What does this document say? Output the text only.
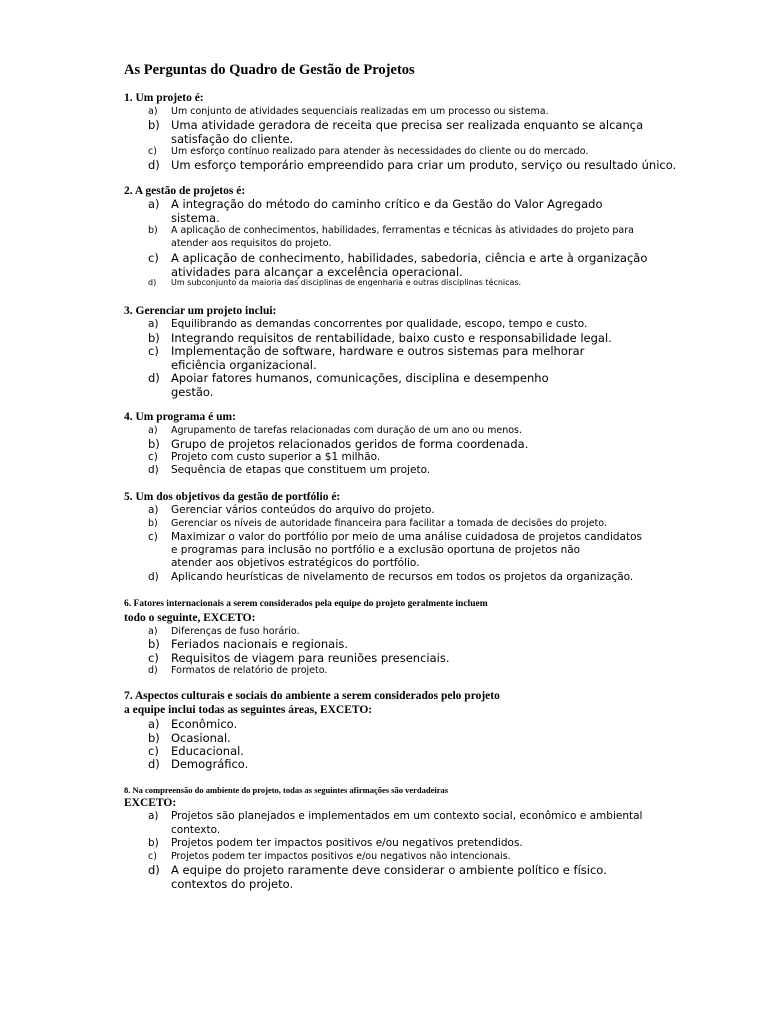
As Perguntas do Quadro de Gestão de Projetos

1. Um projeto é:

a) Um conjunto de atividades sequenciais realizadas em um processo ou sistema.

b) Uma atividade geradora de receita que precisa ser realizada enquanto se alcança

satisfação do cliente.

c) Um esforço contínuo realizado para atender às necessidades do cliente ou do mercado.

d) Um esforço temporário empreendido para criar um produto, serviço ou resultado único.

2. A gestão de projetos é:

a) A integração do método do caminho crítico e da Gestão do Valor Agregado

sistema.

b) A aplicação de conhecimentos, habilidades, ferramentas e técnicas às atividades do projeto para

atender aos requisitos do projeto.

c) A aplicação de conhecimento, habilidades, sabedoria, ciência e arte à organização

atividades para alcançar a excelência operacional.

d) Um subconjunto da maioria das disciplinas de engenharia e outras disciplinas técnicas.

3. Gerenciar um projeto inclui:

a) Equilibrando as demandas concorrentes por qualidade, escopo, tempo e custo.

b) Integrando requisitos de rentabilidade, baixo custo e responsabilidade legal.

c) Implementação de software, hardware e outros sistemas para melhorar

eficiência organizacional.

d) Apoiar fatores humanos, comunicações, disciplina e desempenho

gestão.

4. Um programa é um:

a) Agrupamento de tarefas relacionadas com duração de um ano ou menos.

b) Grupo de projetos relacionados geridos de forma coordenada.

c) Projeto com custo superior a $1 milhão.

d) Sequência de etapas que constituem um projeto.

5. Um dos objetivos da gestão de portfólio é:

a) Gerenciar vários conteúdos do arquivo do projeto.

b) Gerenciar os níveis de autoridade financeira para facilitar a tomada de decisões do projeto.

c) Maximizar o valor do portfólio por meio de uma análise cuidadosa de projetos candidatos

e programas para inclusão no portfólio e a exclusão oportuna de projetos não

atender aos objetivos estratégicos do portfólio.

d) Aplicando heurísticas de nivelamento de recursos em todos os projetos da organização.

6. Fatores internacionais a serem considerados pela equipe do projeto geralmente incluem

todo o seguinte, EXCETO:

a) Diferenças de fuso horário.

b) Feriados nacionais e regionais.

c) Requisitos de viagem para reuniões presenciais.

d) Formatos de relatório de projeto.

7. Aspectos culturais e sociais do ambiente a serem considerados pelo projeto

a equipe inclui todas as seguintes áreas, EXCETO:

a) Econômico.

b) Ocasional.

c) Educacional.

d) Demográfico.

8. Na compreensão do ambiente do projeto, todas as seguintes afirmações são verdadeiras

EXCETO:

a) Projetos são planejados e implementados em um contexto social, econômico e ambiental

contexto.

b) Projetos podem ter impactos positivos e/ou negativos pretendidos.

c) Projetos podem ter impactos positivos e/ou negativos não intencionais.

d) A equipe do projeto raramente deve considerar o ambiente político e físico.

contextos do projeto.
